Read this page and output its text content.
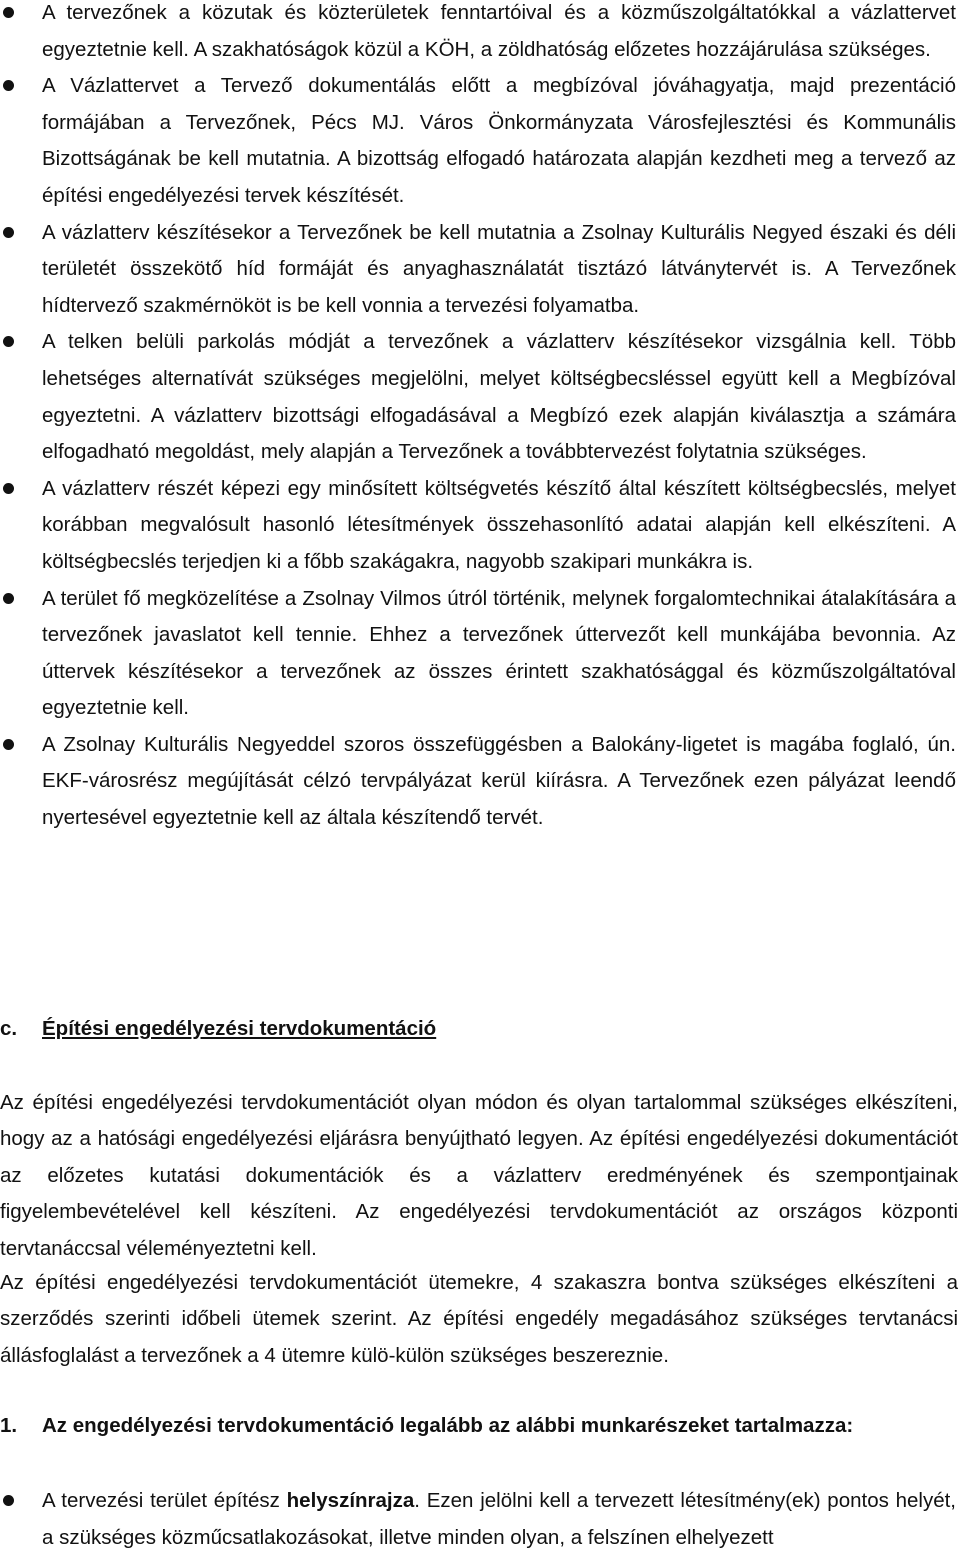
A tervezőnek a közutak és közterületek fenntartóival és a közműszolgáltatókkal a vázlattervet egyeztetnie kell. A szakhatóságok közül a KÖH, a zöldhatóság előzetes hozzájárulása szükséges.
A Vázlattervet a Tervező dokumentálás előtt a megbízóval jóváhagyatja, majd prezentáció formájában a Tervezőnek, Pécs MJ. Város Önkormányzata Városfejlesztési és Kommunális Bizottságának be kell mutatnia. A bizottság elfogadó határozata alapján kezdheti meg a tervező az építési engedélyezési tervek készítését.
A vázlatterv készítésekor a Tervezőnek be kell mutatnia a Zsolnay Kulturális Negyed északi és déli területét összekötő híd formáját és anyaghasználatát tisztázó látványtervét is. A Tervezőnek hídtervező szakmérnököt is be kell vonnia a tervezési folyamatba.
A telken belüli parkolás módját a tervezőnek a vázlatterv készítésekor vizsgálnia kell. Több lehetséges alternatívát szükséges megjelölni, melyet költségbecsléssel együtt kell a Megbízóval egyeztetni. A vázlatterv bizottsági elfogadásával a Megbízó ezek alapján kiválasztja a számára elfogadható megoldást, mely alapján a Tervezőnek a továbbtervezést folytatnia szükséges.
A vázlatterv részét képezi egy minősített költségvetés készítő által készített költségbecslés, melyet korábban megvalósult hasonló létesítmények összehasonlító adatai alapján kell elkészíteni. A költségbecslés terjedjen ki a főbb szakágakra, nagyobb szakipari munkákra is.
A terület fő megközelítése a Zsolnay Vilmos útról történik, melynek forgalomtechnikai átalakítására a tervezőnek javaslatot kell tennie. Ehhez a tervezőnek úttervezőt kell munkájába bevonnia. Az úttervek készítésekor a tervezőnek az összes érintett szakhatósággal és közműszolgáltatóval egyeztetnie kell.
A Zsolnay Kulturális Negyeddel szoros összefüggésben a Balokány-ligetet is magába foglaló, ún. EKF-városrész megújítását célzó tervpályázat kerül kiírásra. A Tervezőnek ezen pályázat leendő nyertesével egyeztetnie kell az általa készítendő tervét.
c. Építési engedélyezési tervdokumentáció

Az építési engedélyezési tervdokumentációt olyan módon és olyan tartalommal szükséges elkészíteni, hogy az a hatósági engedélyezési eljárásra benyújtható legyen. Az építési engedélyezési dokumentációt az előzetes kutatási dokumentációk és a vázlatterv eredményének és szempontjainak figyelembevételével kell készíteni. Az engedélyezési tervdokumentációt az országos központi tervtanáccsal véleményeztetni kell.

Az építési engedélyezési tervdokumentációt ütemekre, 4 szakaszra bontva szükséges elkészíteni a szerződés szerinti időbeli ütemek szerint. Az építési engedély megadásához szükséges tervtanácsi állásfoglalást a tervezőnek a 4 ütemre külö-külön szükséges beszereznie.

1. Az engedélyezési tervdokumentáció legalább az alábbi munkarészeket tartalmazza:
A tervezési terület építész helyszínrajza. Ezen jelölni kell a tervezett létesítmény(ek) pontos helyét, a szükséges közműcsatlakozásokat, illetve minden olyan, a felszínen elhelyezett
